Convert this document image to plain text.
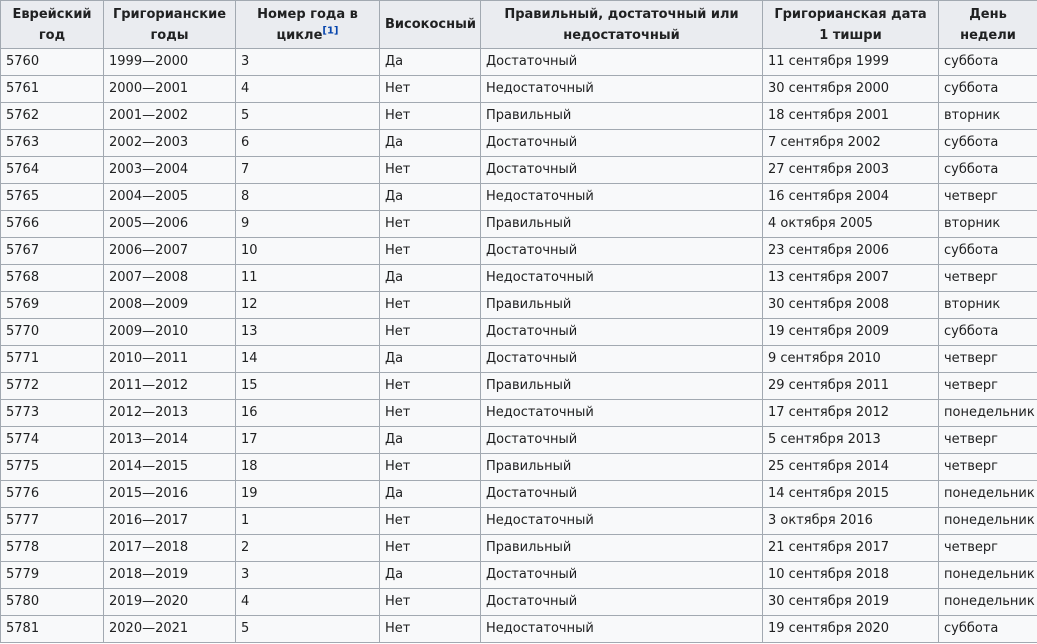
Еврейский год	Григорианские годы	Номер года в цикле[1]	Високосный	Правильный, достаточный или недостаточный	Григорианская дата 1 тишри	День недели
5760	1999—2000	3	Да	Достаточный	11 сентября 1999	суббота
5761	2000—2001	4	Нет	Недостаточный	30 сентября 2000	суббота
5762	2001—2002	5	Нет	Правильный	18 сентября 2001	вторник
5763	2002—2003	6	Да	Достаточный	7 сентября 2002	суббота
5764	2003—2004	7	Нет	Достаточный	27 сентября 2003	суббота
5765	2004—2005	8	Да	Недостаточный	16 сентября 2004	четверг
5766	2005—2006	9	Нет	Правильный	4 октября 2005	вторник
5767	2006—2007	10	Нет	Достаточный	23 сентября 2006	суббота
5768	2007—2008	11	Да	Недостаточный	13 сентября 2007	четверг
5769	2008—2009	12	Нет	Правильный	30 сентября 2008	вторник
5770	2009—2010	13	Нет	Достаточный	19 сентября 2009	суббота
5771	2010—2011	14	Да	Достаточный	9 сентября 2010	четверг
5772	2011—2012	15	Нет	Правильный	29 сентября 2011	четверг
5773	2012—2013	16	Нет	Недостаточный	17 сентября 2012	понедельник
5774	2013—2014	17	Да	Достаточный	5 сентября 2013	четверг
5775	2014—2015	18	Нет	Правильный	25 сентября 2014	четверг
5776	2015—2016	19	Да	Достаточный	14 сентября 2015	понедельник
5777	2016—2017	1	Нет	Недостаточный	3 октября 2016	понедельник
5778	2017—2018	2	Нет	Правильный	21 сентября 2017	четверг
5779	2018—2019	3	Да	Достаточный	10 сентября 2018	понедельник
5780	2019—2020	4	Нет	Достаточный	30 сентября 2019	понедельник
5781	2020—2021	5	Нет	Недостаточный	19 сентября 2020	суббота
